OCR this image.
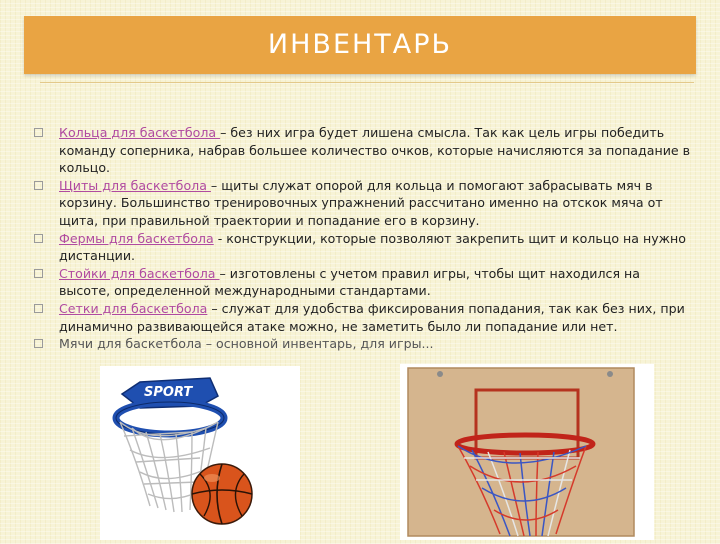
ИНВЕНТАРЬ
Кольца для баскетбола – без них игра будет лишена смысла. Так как цель игры победить команду соперника, набрав большее количество очков, которые начисляются за попадание в кольцо.
Щиты для баскетбола – щиты служат опорой для кольца и помогают забрасывать мяч в корзину. Большинство тренировочных упражнений рассчитано именно на отскок мяча от щита, при правильной траектории и попадание его в корзину.
Фермы для баскетбола - конструкции, которые позволяют закрепить щит и кольцо на нужно дистанции.
Стойки для баскетбола – изготовлены с учетом правил игры, чтобы щит находился на высоте, определенной международными стандартами.
Сетки для баскетбола – служат для удобства фиксирования попадания, так как без них, при динамично развивающейся атаке можно, не заметить было ли попадание или нет.
Мячи для баскетбола – основной инвентарь, для игры...
SPORT
